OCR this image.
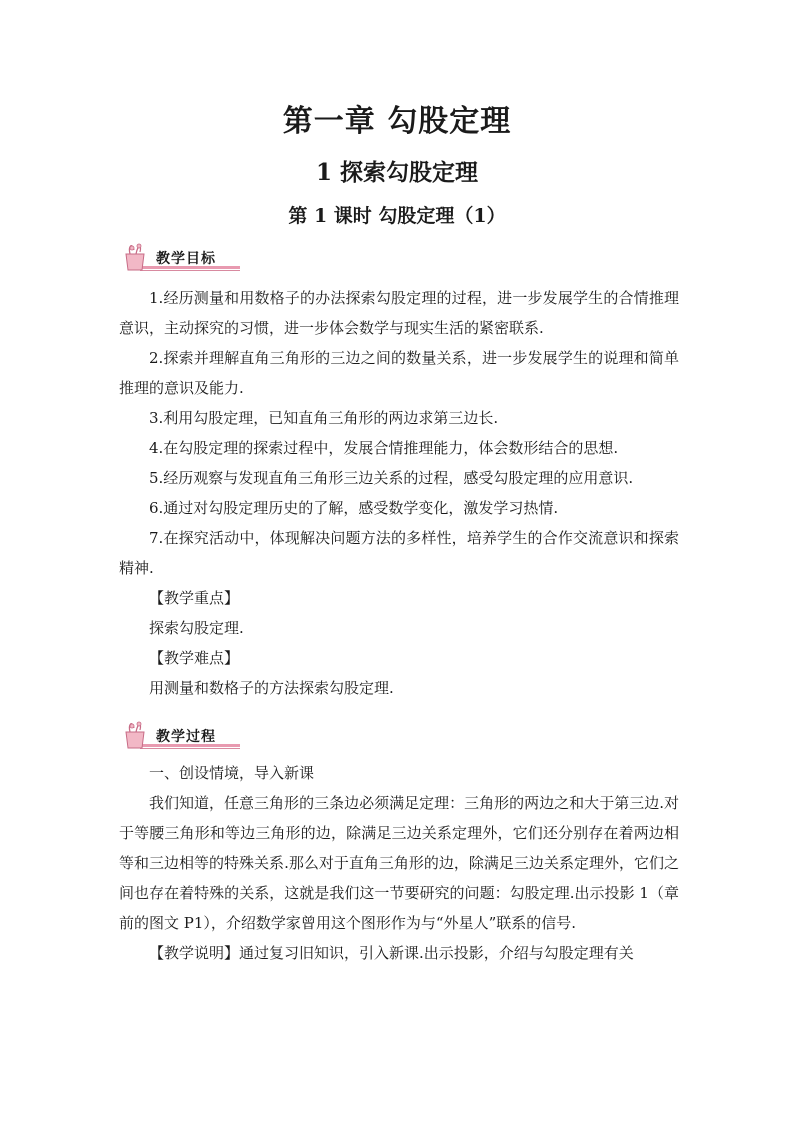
第一章 勾股定理
1 探索勾股定理
第 1 课时 勾股定理（1）
教学目标

1.经历测量和用数格子的办法探索勾股定理的过程，进一步发展学生的合情推理意识，主动探究的习惯，进一步体会数学与现实生活的紧密联系.

2.探索并理解直角三角形的三边之间的数量关系，进一步发展学生的说理和简单推理的意识及能力.

3.利用勾股定理，已知直角三角形的两边求第三边长.

4.在勾股定理的探索过程中，发展合情推理能力，体会数形结合的思想.

5.经历观察与发现直角三角形三边关系的过程，感受勾股定理的应用意识.

6.通过对勾股定理历史的了解，感受数学变化，激发学习热情.

7.在探究活动中，体现解决问题方法的多样性，培养学生的合作交流意识和探索精神.

【教学重点】

探索勾股定理.

【教学难点】

用测量和数格子的方法探索勾股定理.

教学过程

一、创设情境，导入新课

我们知道，任意三角形的三条边必须满足定理：三角形的两边之和大于第三边.对于等腰三角形和等边三角形的边，除满足三边关系定理外，它们还分别存在着两边相等和三边相等的特殊关系.那么对于直角三角形的边，除满足三边关系定理外，它们之间也存在着特殊的关系，这就是我们这一节要研究的问题：勾股定理.出示投影 1（章前的图文 P1），介绍数学家曾用这个图形作为与“外星人”联系的信号.

【教学说明】通过复习旧知识，引入新课.出示投影，介绍与勾股定理有关
